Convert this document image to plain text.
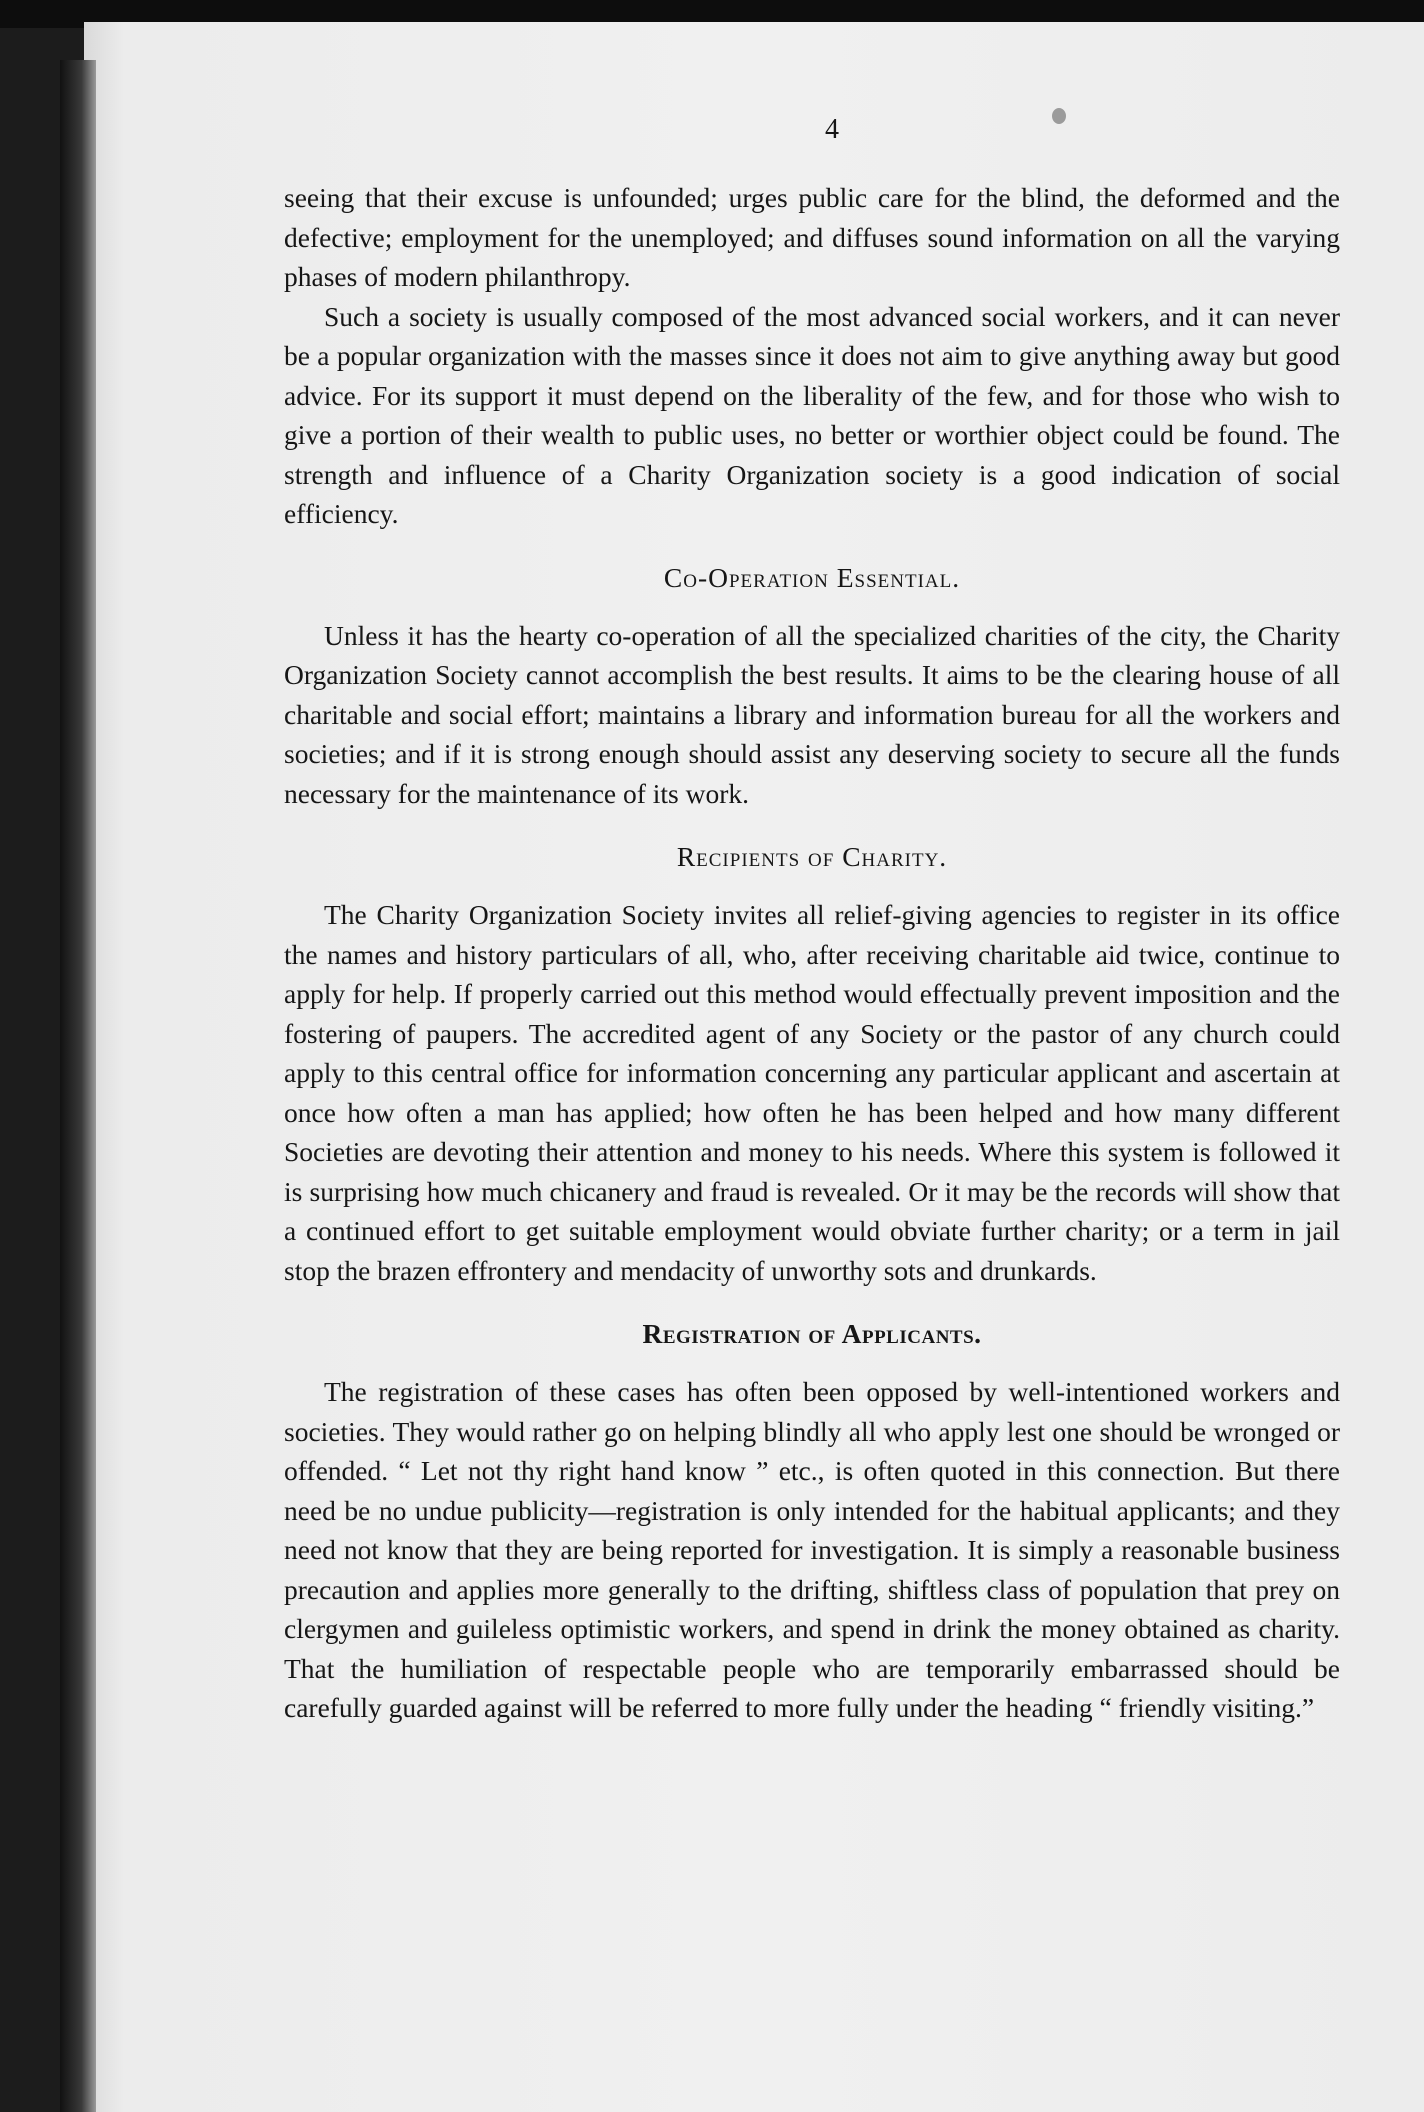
4

seeing that their excuse is unfounded; urges public care for the blind, the deformed and the defective; employment for the unemployed; and diffuses sound information on all the varying phases of modern philanthropy.

Such a society is usually composed of the most advanced social workers, and it can never be a popular organization with the masses since it does not aim to give anything away but good advice. For its support it must depend on the liberality of the few, and for those who wish to give a portion of their wealth to public uses, no better or worthier object could be found. The strength and influence of a Charity Organization society is a good indication of social efficiency.

Co-Operation Essential.

Unless it has the hearty co-operation of all the specialized charities of the city, the Charity Organization Society cannot accomplish the best results. It aims to be the clearing house of all charitable and social effort; maintains a library and information bureau for all the workers and societies; and if it is strong enough should assist any deserving society to secure all the funds necessary for the maintenance of its work.

Recipients of Charity.

The Charity Organization Society invites all relief-giving agencies to register in its office the names and history particulars of all, who, after receiving charitable aid twice, continue to apply for help. If properly carried out this method would effectually prevent imposition and the fostering of paupers. The accredited agent of any Society or the pastor of any church could apply to this central office for information concerning any particular applicant and ascertain at once how often a man has applied; how often he has been helped and how many different Societies are devoting their attention and money to his needs. Where this system is followed it is surprising how much chicanery and fraud is revealed. Or it may be the records will show that a continued effort to get suitable employment would obviate further charity; or a term in jail stop the brazen effrontery and mendacity of unworthy sots and drunkards.

Registration of Applicants.

The registration of these cases has often been opposed by well-intentioned workers and societies. They would rather go on helping blindly all who apply lest one should be wronged or offended. “ Let not thy right hand know ” etc., is often quoted in this connection. But there need be no undue publicity—registration is only intended for the habitual applicants; and they need not know that they are being reported for investigation. It is simply a reasonable business precaution and applies more generally to the drifting, shiftless class of population that prey on clergymen and guileless optimistic workers, and spend in drink the money obtained as charity. That the humiliation of respectable people who are temporarily embarrassed should be carefully guarded against will be referred to more fully under the heading “ friendly visiting.”
